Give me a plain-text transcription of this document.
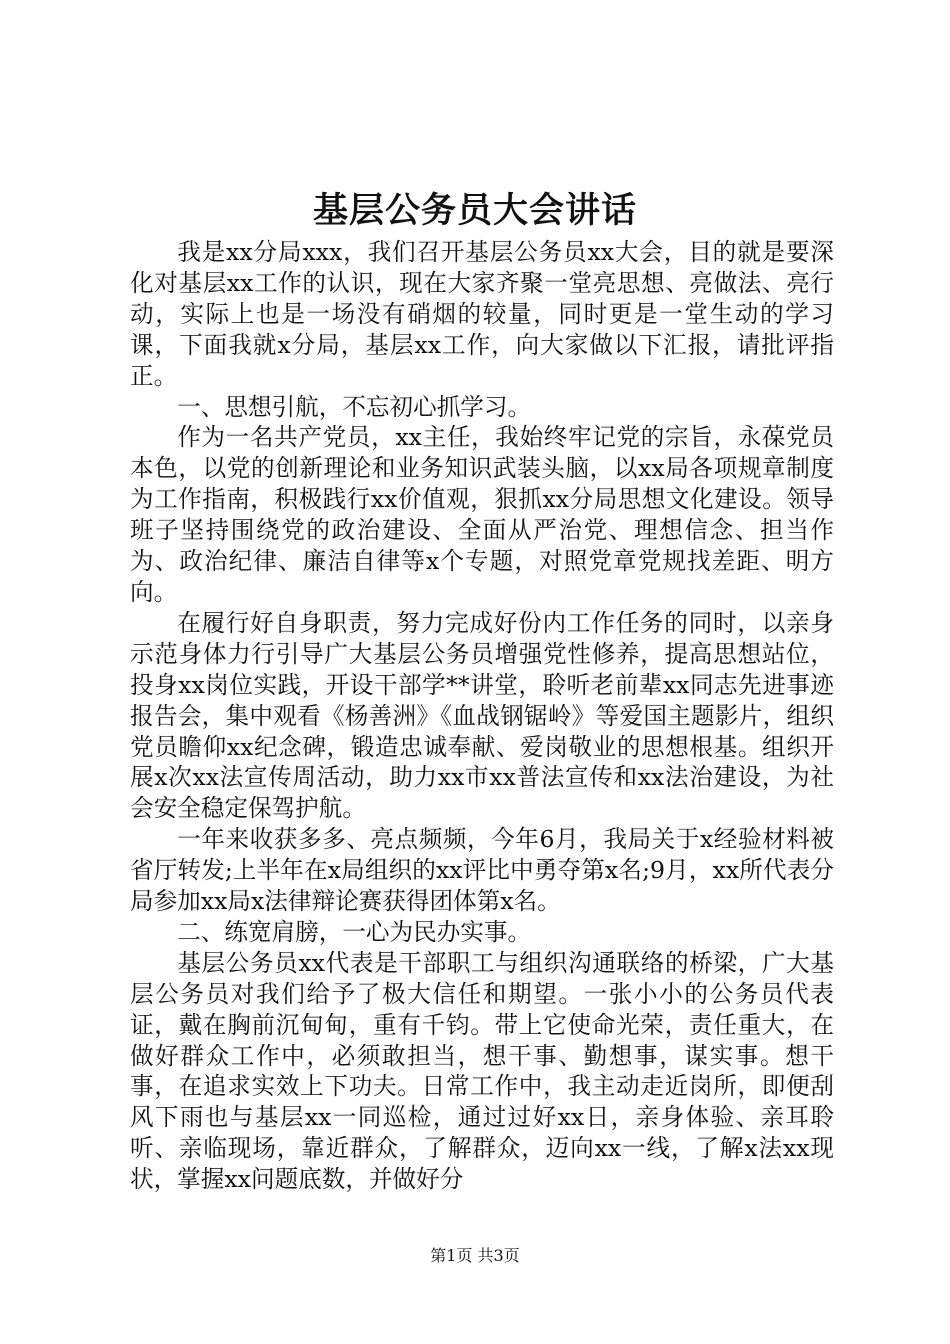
基层公务员大会讲话

我是xx分局xxx，我们召开基层公务员xx大会，目的就是要深化对基层xx工作的认识，现在大家齐聚一堂亮思想、亮做法、亮行动，实际上也是一场没有硝烟的较量，同时更是一堂生动的学习课，下面我就x分局，基层xx工作，向大家做以下汇报，请批评指正。

一、思想引航，不忘初心抓学习。

作为一名共产党员，xx主任，我始终牢记党的宗旨，永葆党员本色，以党的创新理论和业务知识武装头脑，以xx局各项规章制度为工作指南，积极践行xx价值观，狠抓xx分局思想文化建设。领导班子坚持围绕党的政治建设、全面从严治党、理想信念、担当作为、政治纪律、廉洁自律等x个专题，对照党章党规找差距、明方向。

在履行好自身职责，努力完成好份内工作任务的同时，以亲身示范身体力行引导广大基层公务员增强党性修养，提高思想站位，投身xx岗位实践，开设干部学**讲堂，聆听老前辈xx同志先进事迹报告会，集中观看《杨善洲》《血战钢锯岭》等爱国主题影片，组织党员瞻仰xx纪念碑，锻造忠诚奉献、爱岗敬业的思想根基。组织开展x次xx法宣传周活动，助力xx市xx普法宣传和xx法治建设，为社会安全稳定保驾护航。

一年来收获多多、亮点频频，今年6月，我局关于x经验材料被省厅转发;上半年在x局组织的xx评比中勇夺第x名;9月，xx所代表分局参加xx局x法律辩论赛获得团体第x名。

二、练宽肩膀，一心为民办实事。

基层公务员xx代表是干部职工与组织沟通联络的桥梁，广大基层公务员对我们给予了极大信任和期望。一张小小的公务员代表证，戴在胸前沉甸甸，重有千钧。带上它使命光荣，责任重大，在做好群众工作中，必须敢担当，想干事、勤想事，谋实事。想干事，在追求实效上下功夫。日常工作中，我主动走近岗所，即便刮风下雨也与基层xx一同巡检，通过过好xx日，亲身体验、亲耳聆听、亲临现场，靠近群众，了解群众，迈向xx一线，了解x法xx现状，掌握xx问题底数，并做好分

第1页 共3页
